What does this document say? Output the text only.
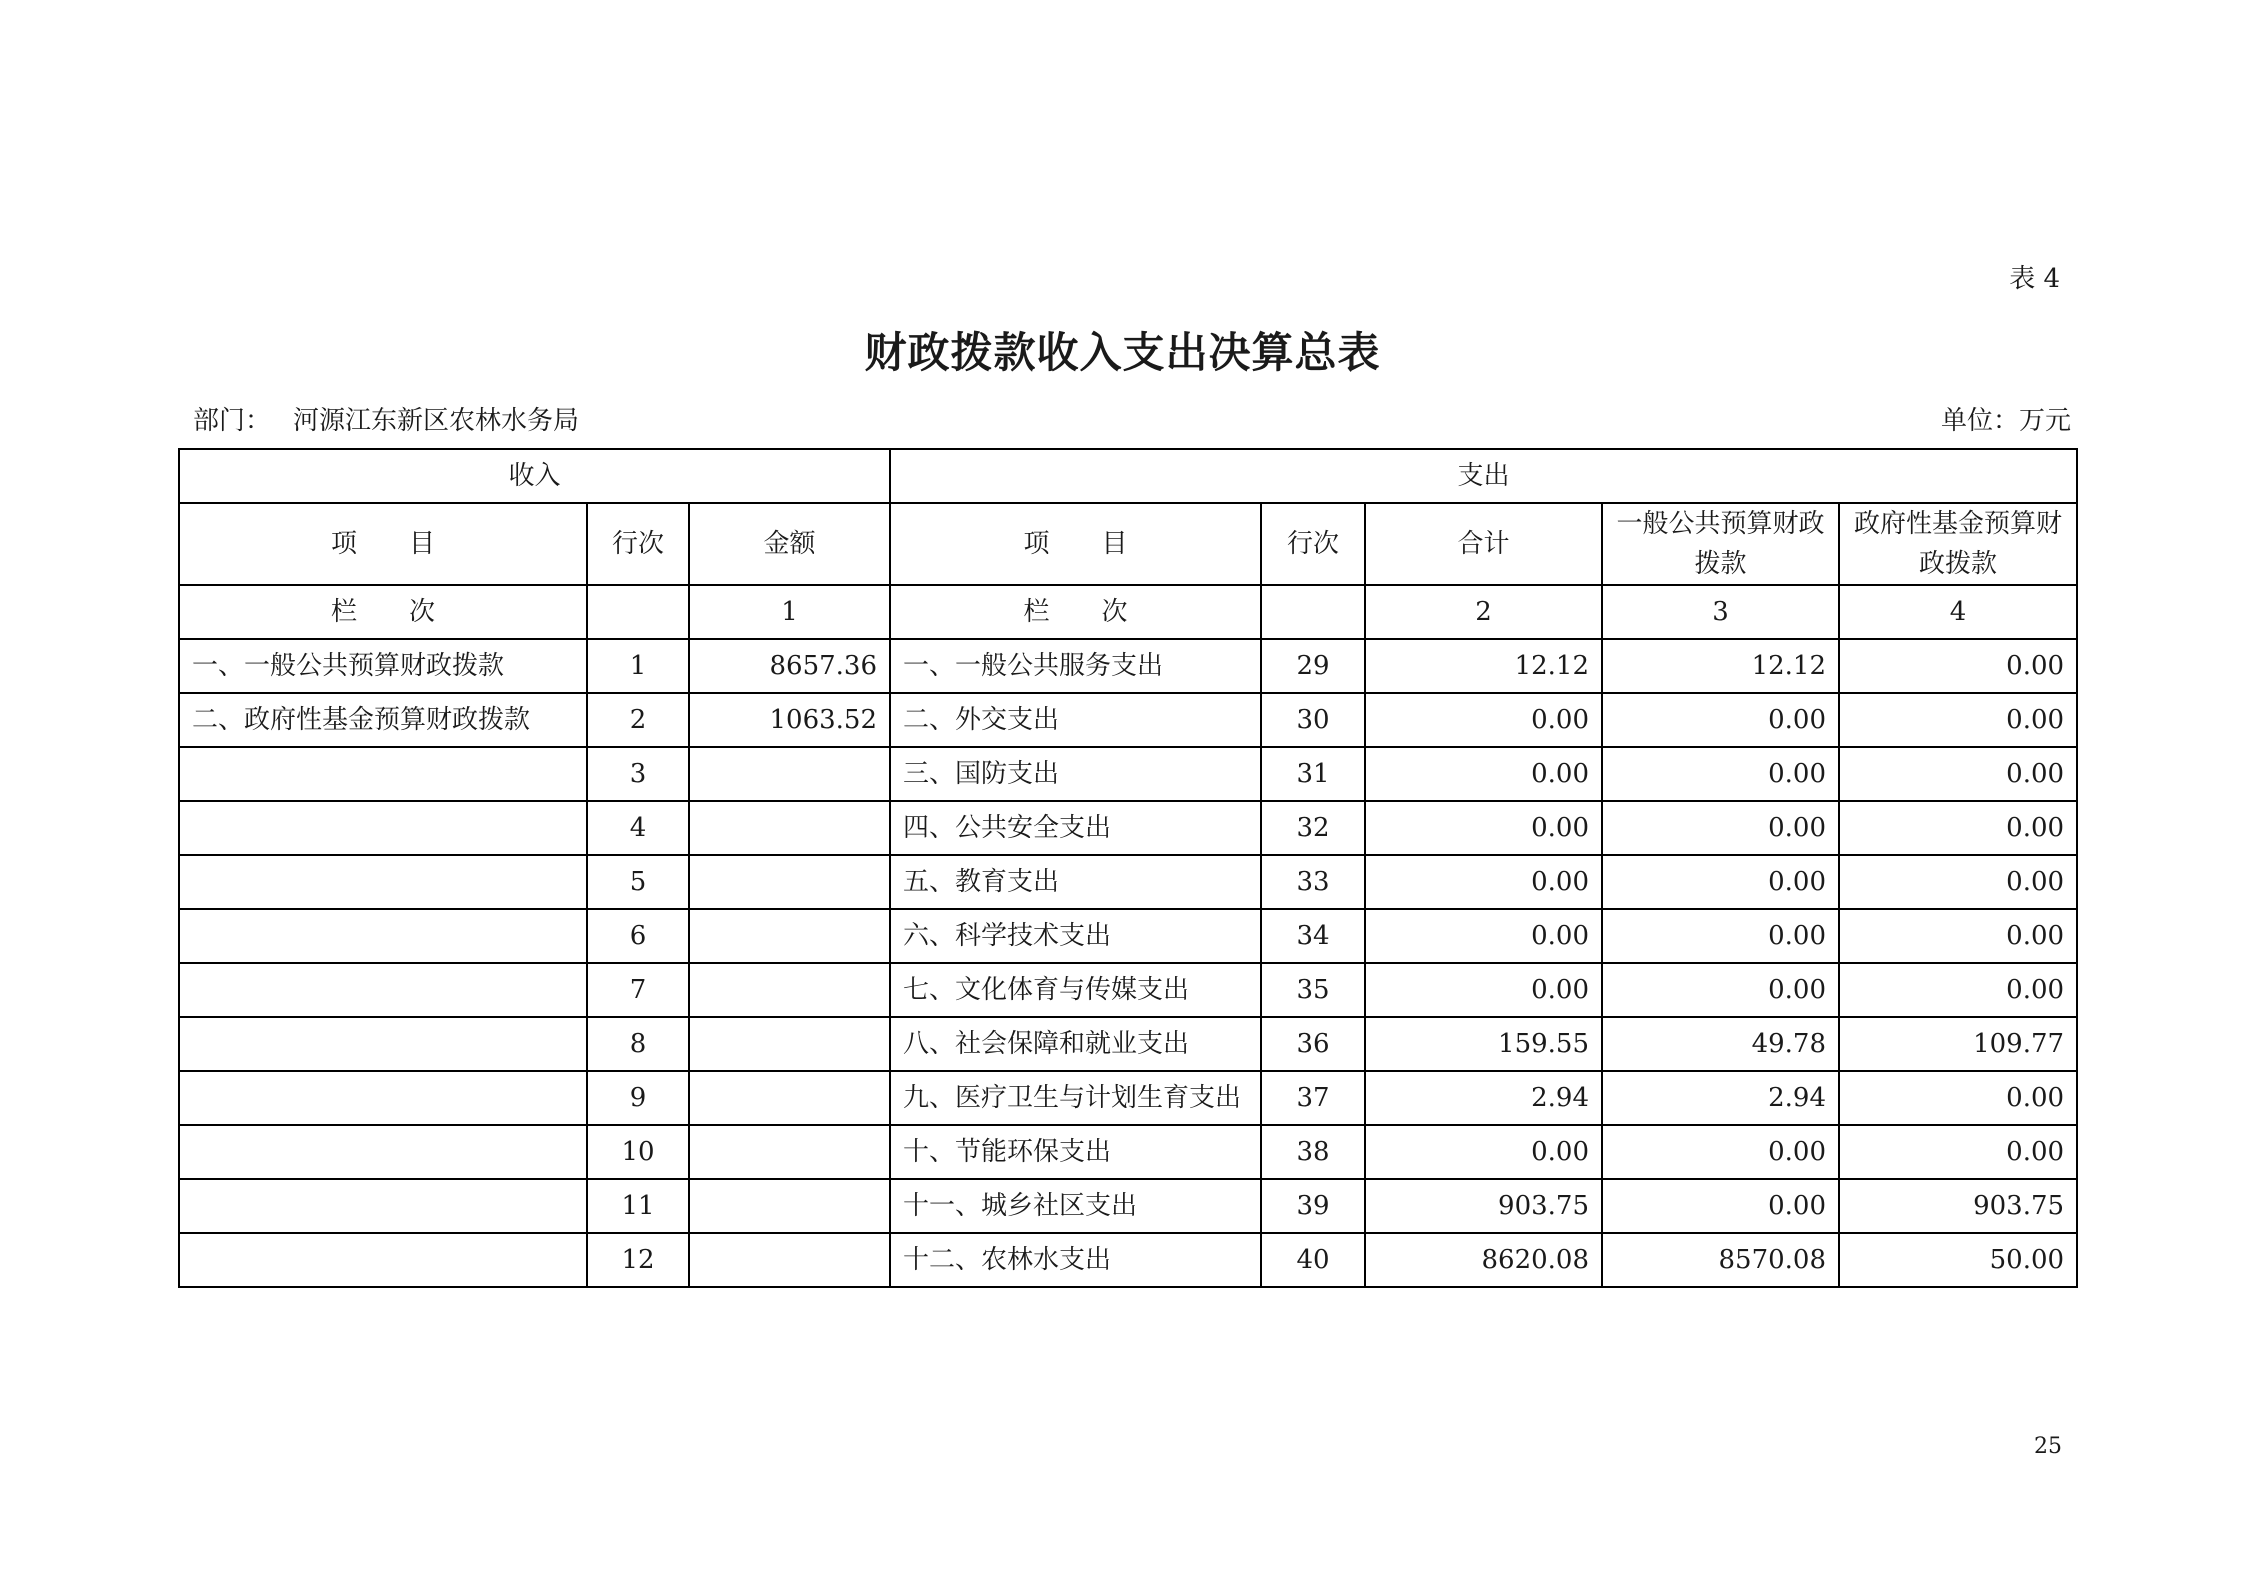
表 4
财政拨款收入支出决算总表
部门： 河源江东新区农林水务局	单位：万元
收入			支出				
项　　目	行次	金额	项　　目	行次	合计	一般公共预算财政拨款	政府性基金预算财政拨款
栏　　次		1	栏　　次		2	3	4
一、一般公共预算财政拨款	1	8657.36	一、一般公共服务支出	29	12.12	12.12	0.00
二、政府性基金预算财政拨款	2	1063.52	二、外交支出	30	0.00	0.00	0.00
	3		三、国防支出	31	0.00	0.00	0.00
	4		四、公共安全支出	32	0.00	0.00	0.00
	5		五、教育支出	33	0.00	0.00	0.00
	6		六、科学技术支出	34	0.00	0.00	0.00
	7		七、文化体育与传媒支出	35	0.00	0.00	0.00
	8		八、社会保障和就业支出	36	159.55	49.78	109.77
	9		九、医疗卫生与计划生育支出	37	2.94	2.94	0.00
	10		十、节能环保支出	38	0.00	0.00	0.00
	11		十一、城乡社区支出	39	903.75	0.00	903.75
	12		十二、农林水支出	40	8620.08	8570.08	50.00
25
